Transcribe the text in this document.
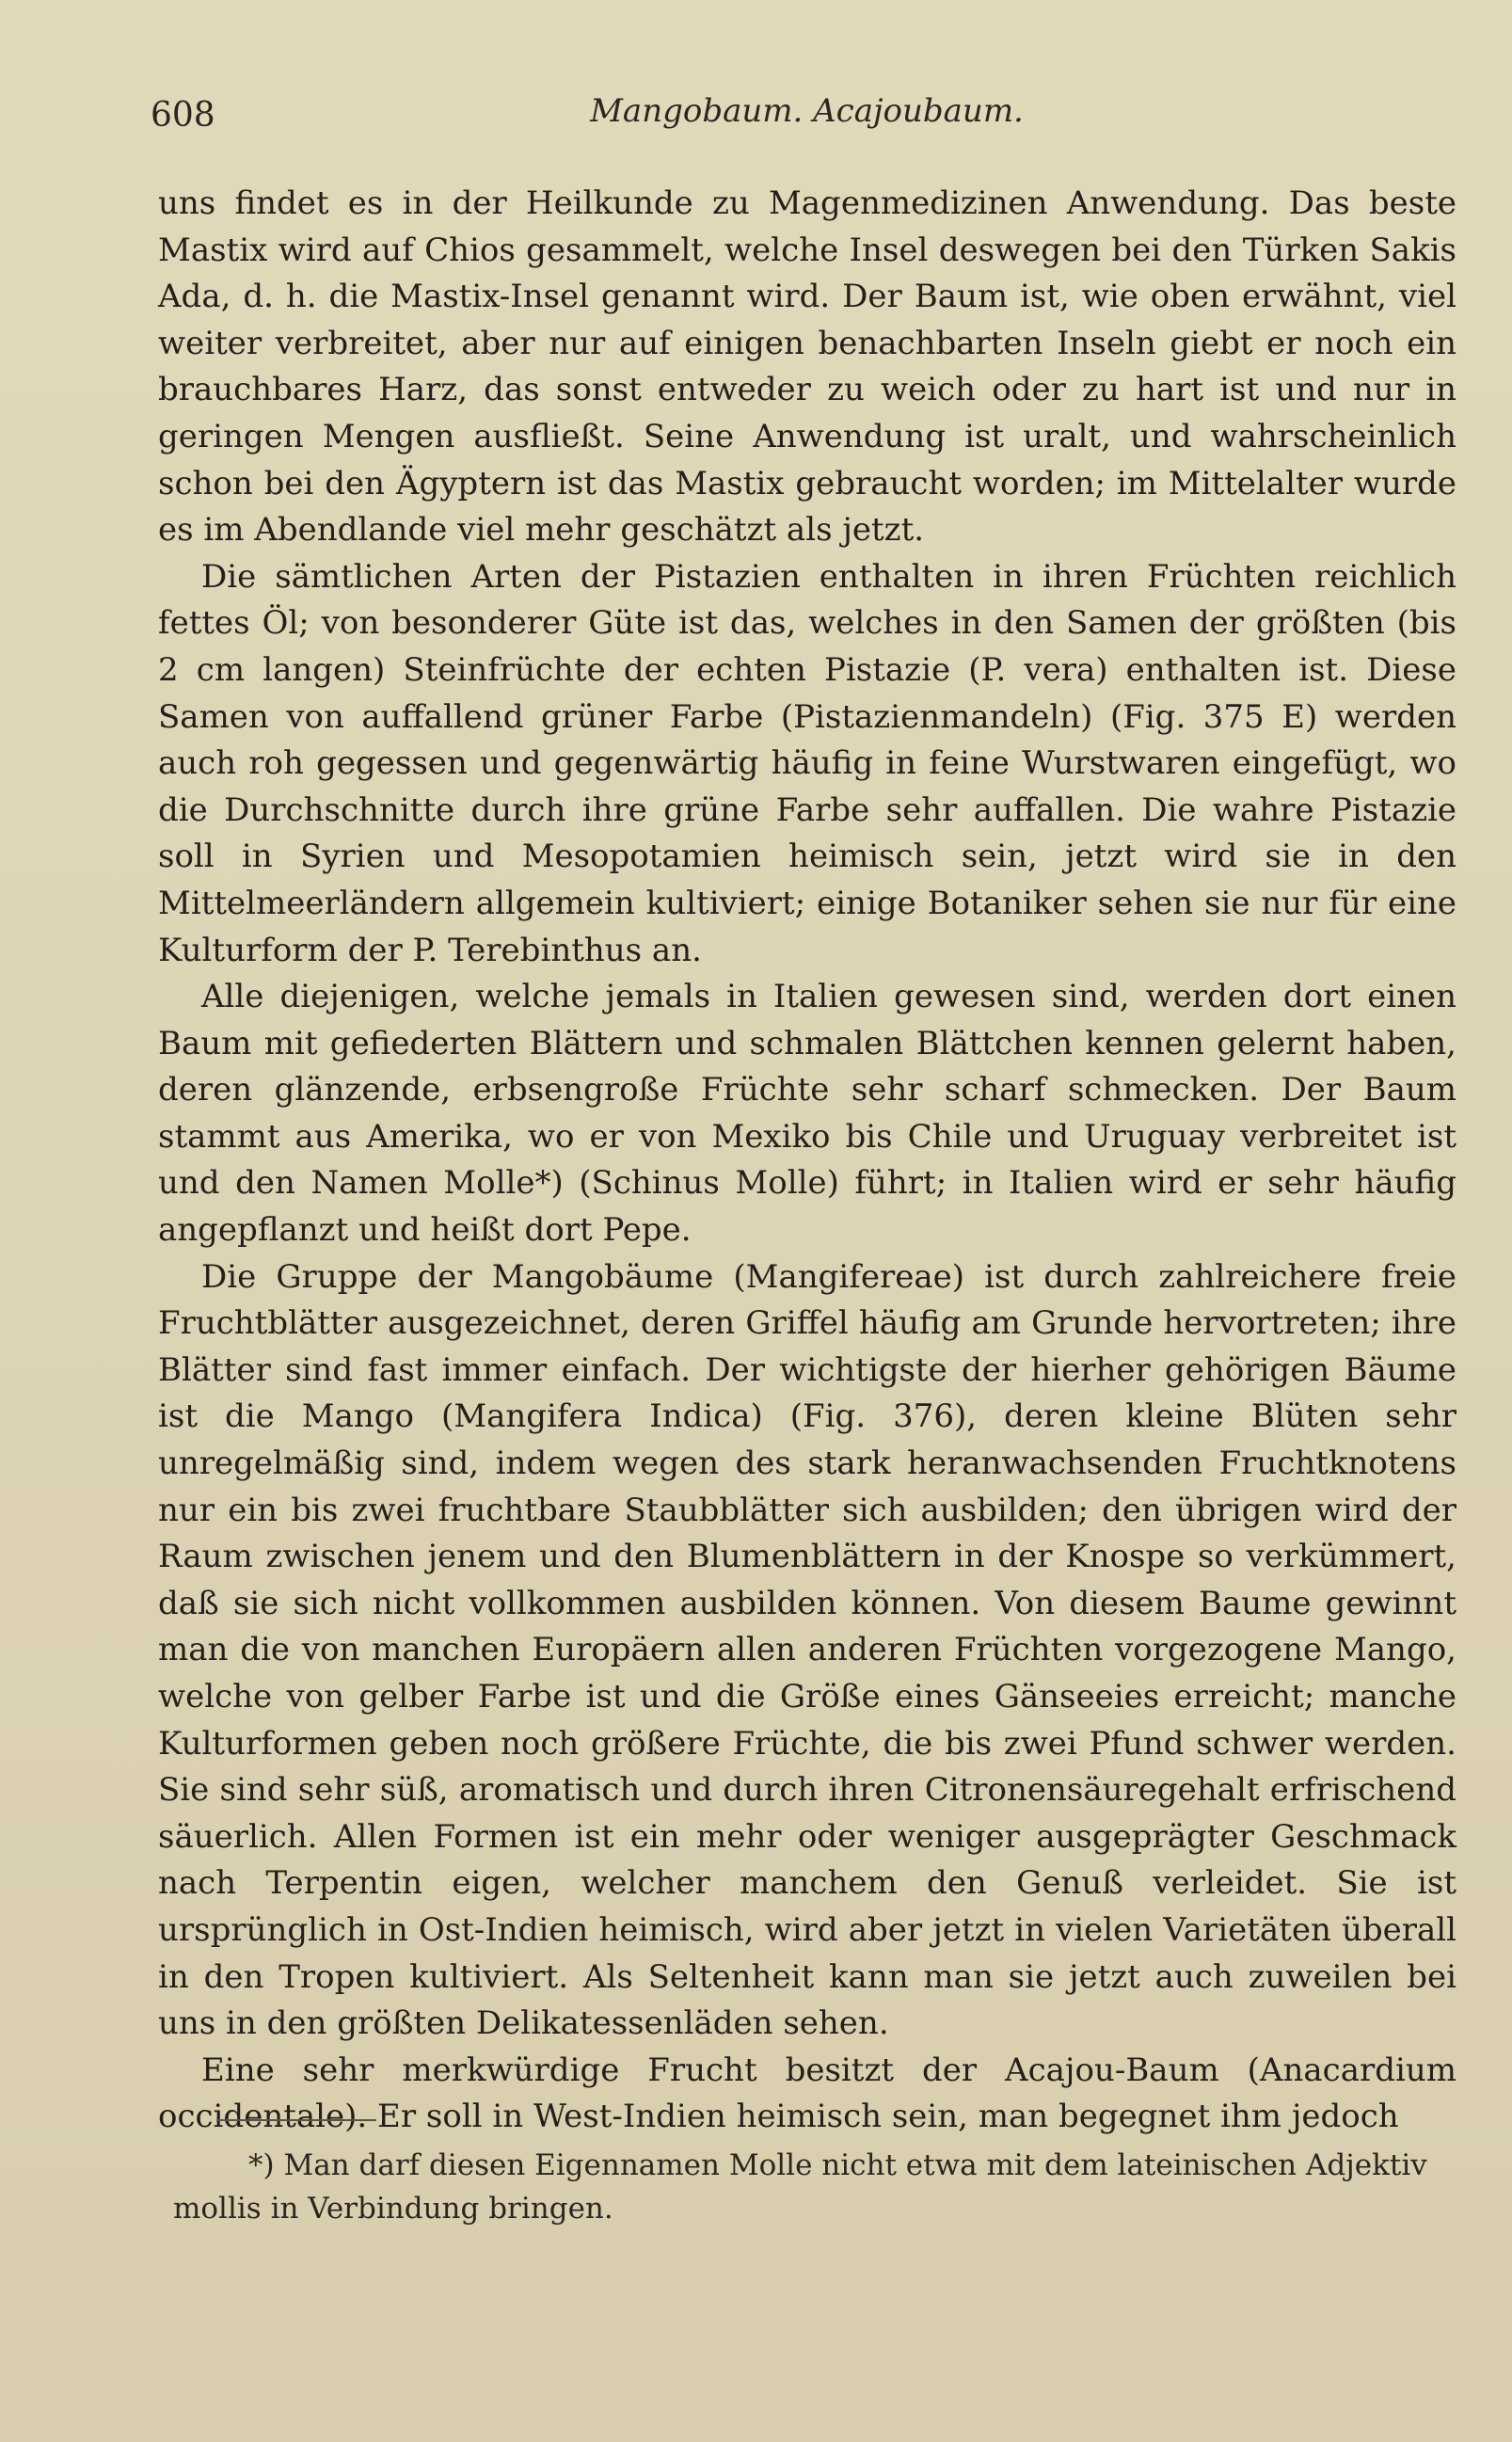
608	Mangobaum. Acajoubaum.

uns findet es in der Heilkunde zu Magenmedizinen Anwendung. Das beste Mastix wird auf Chios gesammelt, welche Insel deswegen bei den Türken Sakis Ada, d. h. die Mastix-Insel genannt wird. Der Baum ist, wie oben erwähnt, viel weiter verbreitet, aber nur auf einigen benachbarten Inseln giebt er noch ein brauchbares Harz, das sonst entweder zu weich oder zu hart ist und nur in geringen Mengen ausfließt. Seine Anwendung ist uralt, und wahrscheinlich schon bei den Ägyptern ist das Mastix gebraucht worden; im Mittelalter wurde es im Abendlande viel mehr geschätzt als jetzt.

Die sämtlichen Arten der Pistazien enthalten in ihren Früchten reichlich fettes Öl; von besonderer Güte ist das, welches in den Samen der größten (bis 2 cm langen) Steinfrüchte der echten Pistazie (P. vera) enthalten ist. Diese Samen von auffallend grüner Farbe (Pistazienmandeln) (Fig. 375 E) werden auch roh gegessen und gegenwärtig häufig in feine Wurstwaren eingefügt, wo die Durchschnitte durch ihre grüne Farbe sehr auffallen. Die wahre Pistazie soll in Syrien und Mesopotamien heimisch sein, jetzt wird sie in den Mittelmeerländern allgemein kultiviert; einige Botaniker sehen sie nur für eine Kulturform der P. Terebinthus an.

Alle diejenigen, welche jemals in Italien gewesen sind, werden dort einen Baum mit gefiederten Blättern und schmalen Blättchen kennen gelernt haben, deren glänzende, erbsengroße Früchte sehr scharf schmecken. Der Baum stammt aus Amerika, wo er von Mexiko bis Chile und Uruguay verbreitet ist und den Namen Molle*) (Schinus Molle) führt; in Italien wird er sehr häufig angepflanzt und heißt dort Pepe.

Die Gruppe der Mangobäume (Mangifereae) ist durch zahlreichere freie Fruchtblätter ausgezeichnet, deren Griffel häufig am Grunde hervortreten; ihre Blätter sind fast immer einfach. Der wichtigste der hierher gehörigen Bäume ist die Mango (Mangifera Indica) (Fig. 376), deren kleine Blüten sehr unregelmäßig sind, indem wegen des stark heranwachsenden Fruchtknotens nur ein bis zwei fruchtbare Staubblätter sich ausbilden; den übrigen wird der Raum zwischen jenem und den Blumenblättern in der Knospe so verkümmert, daß sie sich nicht vollkommen ausbilden können. Von diesem Baume gewinnt man die von manchen Europäern allen anderen Früchten vorgezogene Mango, welche von gelber Farbe ist und die Größe eines Gänseeies erreicht; manche Kulturformen geben noch größere Früchte, die bis zwei Pfund schwer werden. Sie sind sehr süß, aromatisch und durch ihren Citronensäuregehalt erfrischend säuerlich. Allen Formen ist ein mehr oder weniger ausgeprägter Geschmack nach Terpentin eigen, welcher manchem den Genuß verleidet. Sie ist ursprünglich in Ost-Indien heimisch, wird aber jetzt in vielen Varietäten überall in den Tropen kultiviert. Als Seltenheit kann man sie jetzt auch zuweilen bei uns in den größten Delikatessenläden sehen.

Eine sehr merkwürdige Frucht besitzt der Acajou-Baum (Anacardium occidentale). Er soll in West-Indien heimisch sein, man begegnet ihm jedoch

*) Man darf diesen Eigennamen Molle nicht etwa mit dem lateinischen Adjektiv mollis in Verbindung bringen.
